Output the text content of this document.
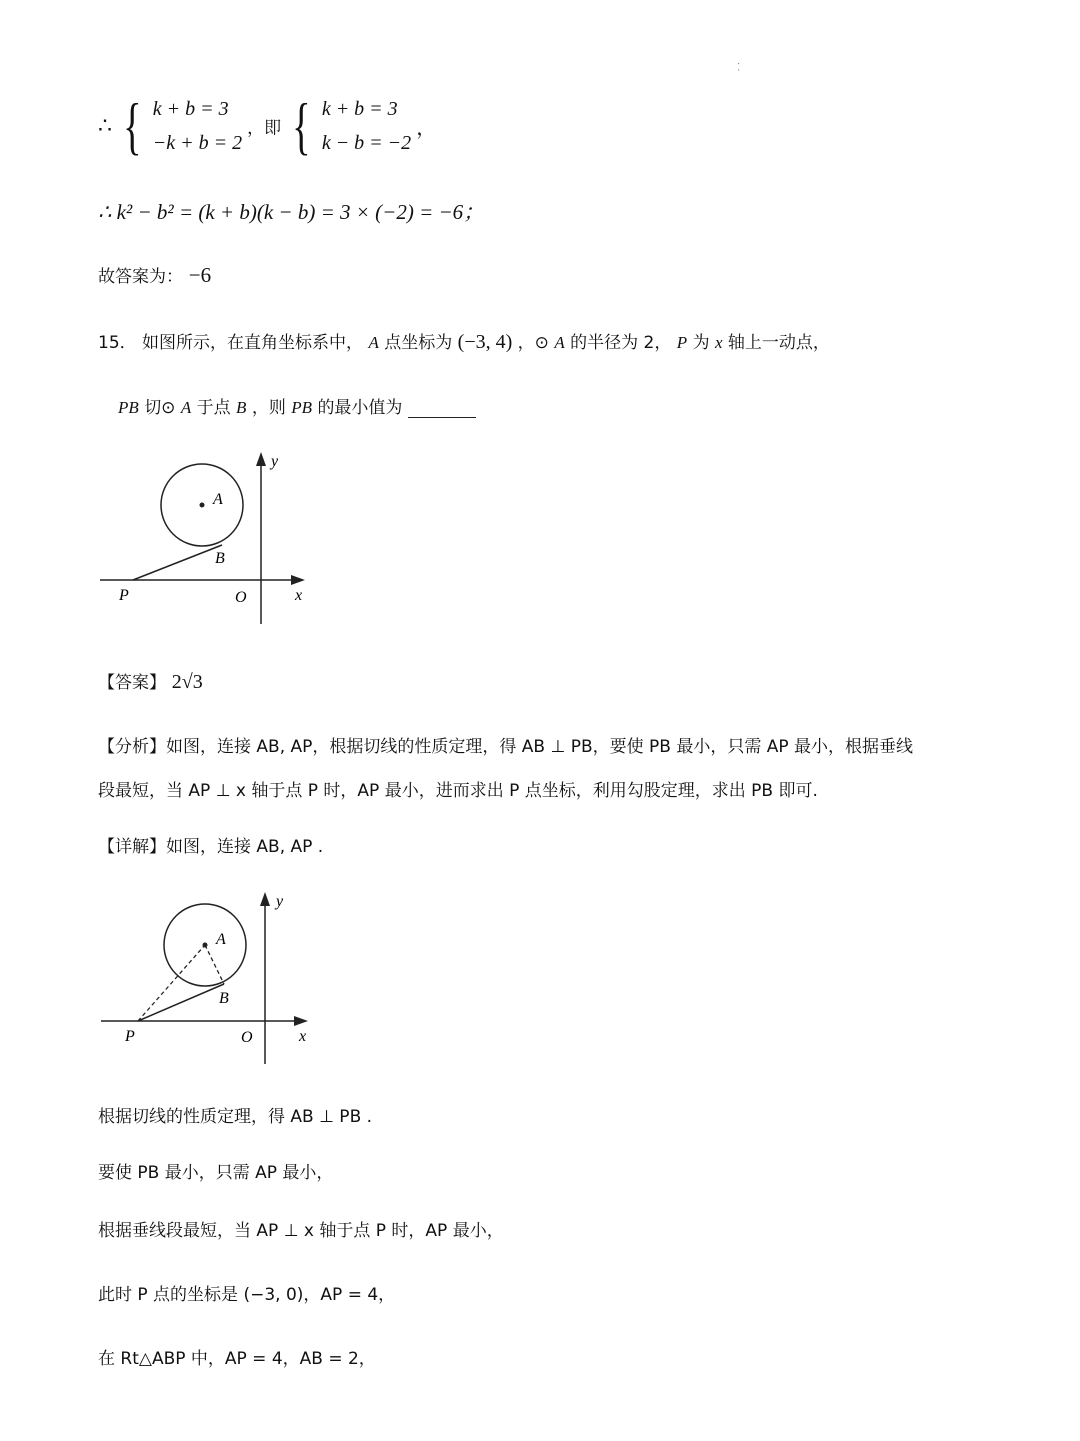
· ·
∴ { k + b = 3
−k + b = 2
，即 { k + b = 3
k − b = −2
，
∴ k² − b² = (k + b)(k − b) = 3 × (−2) = −6；
故答案为： −6
15． 如图所示，在直角坐标系中， A 点坐标为 (−3, 4) ，⊙ A 的半径为 2， P 为 x 轴上一动点，
PB 切⊙ A 于点 B ，则 PB 的最小值为
A
B
P	O	x
y
【答案】 2√3
【分析】如图，连接 AB, AP，根据切线的性质定理，得 AB ⊥ PB，要使 PB 最小，只需 AP 最小，根据垂线
段最短，当 AP ⊥ x 轴于点 P 时，AP 最小，进而求出 P 点坐标，利用勾股定理，求出 PB 即可.
【详解】如图，连接 AB, AP .
A
B
P	O	x
y
根据切线的性质定理，得 AB ⊥ PB .
要使 PB 最小，只需 AP 最小，
根据垂线段最短，当 AP ⊥ x 轴于点 P 时，AP 最小，
此时 P 点的坐标是 (−3, 0)，AP = 4，
在 Rt△ABP 中，AP = 4，AB = 2，
